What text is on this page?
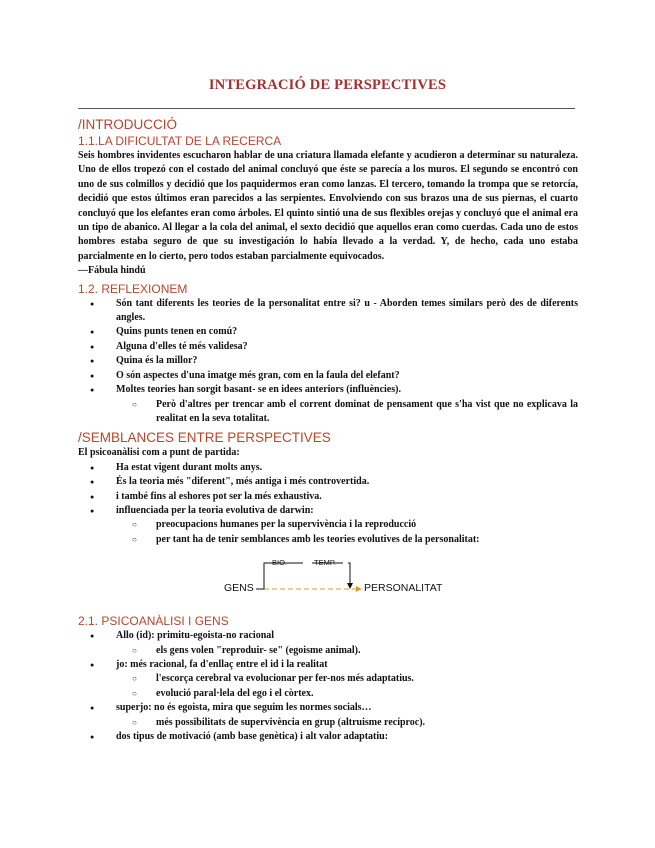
INTEGRACIÓ DE PERSPECTIVES
/INTRODUCCIÓ
1.1.LA DIFICULTAT DE LA RECERCA

Seis hombres invidentes escucharon hablar de una criatura llamada elefante y acudieron a determinar su naturaleza. Uno de ellos tropezó con el costado del animal concluyó que éste se parecía a los muros. El segundo se encontró con uno de sus colmillos y decidió que los paquidermos eran como lanzas. El tercero, tomando la trompa que se retorcía, decidió que estos últimos eran parecidos a las serpientes. Envolviendo con sus brazos una de sus piernas, el cuarto concluyó que los elefantes eran como árboles. El quinto sintió una de sus flexibles orejas y concluyó que el animal era un tipo de abanico. Al llegar a la cola del animal, el sexto decidió que aquellos eran como cuerdas. Cada uno de estos hombres estaba seguro de que su investigación lo había llevado a la verdad. Y, de hecho, cada uno estaba parcialmente en lo cierto, pero todos estaban parcialmente equivocados.

—Fábula hindú

1.2. REFLEXIONEM
● Són tant diferents les teories de la personalitat entre si? u - Aborden temes similars però des de diferents angles.
● Quins punts tenen en comú?
● Alguna d'elles té més validesa?
● Quina és la millor?
● O són aspectes d'una imatge més gran, com en la faula del elefant?
● Moltes teories han sorgit basant- se en idees anteriors (influències).
○ Però d'altres per trencar amb el corrent dominat de pensament que s'ha vist que no explicava la realitat en la seva totalitat.
/SEMBLANCES ENTRE PERSPECTIVES

El psicoanàlisi com a punt de partida:

● Ha estat vigent durant molts anys.
● És la teoria més "diferent", més antiga i més controvertida.
● i també fins al eshores pot ser la més exhaustiva.
● influenciada per la teoria evolutiva de darwin:
○ preocupacions humanes per la supervivència i la reproducció
○ per tant ha de tenir semblances amb les teories evolutives de la personalitat:
GENS	PERSONALITAT
BIO.	TEMP.
2.1. PSICOANÀLISI I GENS
● Allo (id): primitu-egoista-no racional
○ els gens volen "reproduir- se" (egoisme animal).
● jo: més racional, fa d'enllaç entre el id i la realitat
○ l'escorça cerebral va evolucionar per fer-nos més adaptatius.
○ evolució paral·lela del ego i el còrtex.
● superjo: no és egoista, mira que seguim les normes socials…
○ més possibilitats de supervivència en grup (altruisme recíproc).
● dos tipus de motivació (amb base genètica) i alt valor adaptatiu:
